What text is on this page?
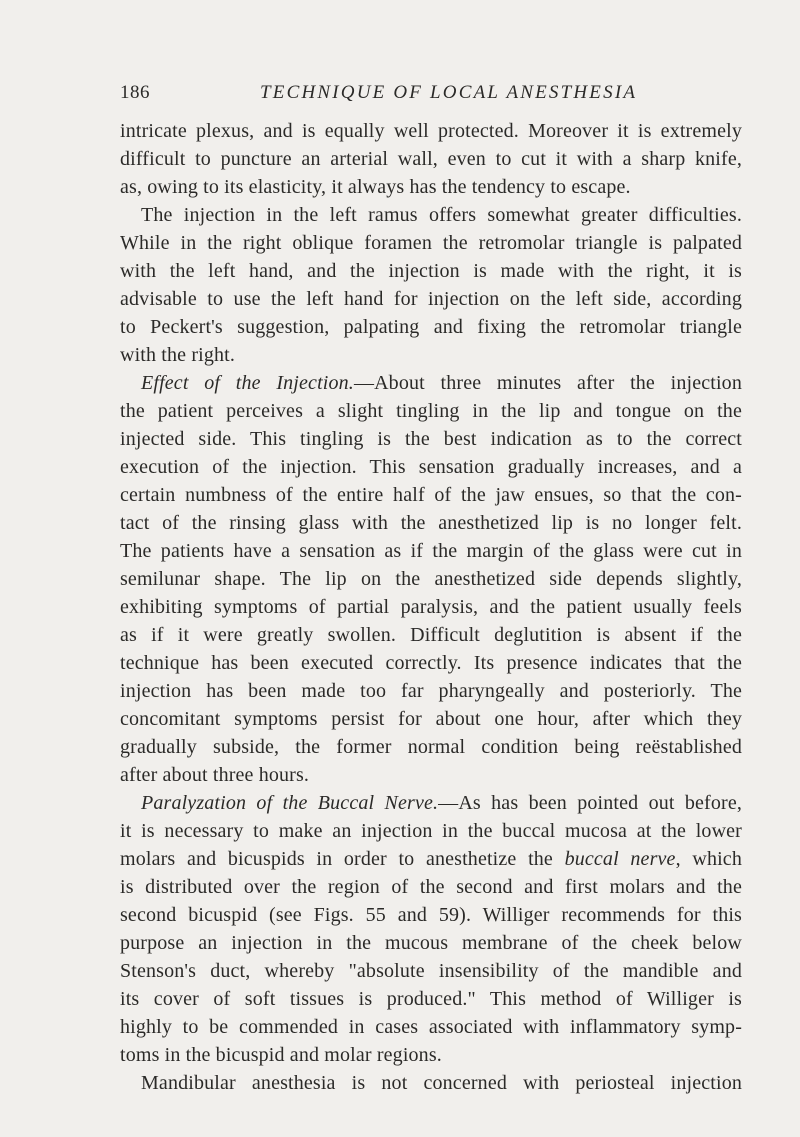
186	TECHNIQUE OF LOCAL ANESTHESIA
intricate plexus, and is equally well protected. Moreover it is extremely
difficult to puncture an arterial wall, even to cut it with a sharp knife,
as, owing to its elasticity, it always has the tendency to escape.
The injection in the left ramus offers somewhat greater difficulties.
While in the right oblique foramen the retromolar triangle is palpated
with the left hand, and the injection is made with the right, it is
advisable to use the left hand for injection on the left side, according
to Peckert's suggestion, palpating and fixing the retromolar triangle
with the right.
Effect of the Injection.—About three minutes after the injection
the patient perceives a slight tingling in the lip and tongue on the
injected side. This tingling is the best indication as to the correct
execution of the injection. This sensation gradually increases, and a
certain numbness of the entire half of the jaw ensues, so that the con-
tact of the rinsing glass with the anesthetized lip is no longer felt.
The patients have a sensation as if the margin of the glass were cut in
semilunar shape. The lip on the anesthetized side depends slightly,
exhibiting symptoms of partial paralysis, and the patient usually feels
as if it were greatly swollen. Difficult deglutition is absent if the
technique has been executed correctly. Its presence indicates that the
injection has been made too far pharyngeally and posteriorly. The
concomitant symptoms persist for about one hour, after which they
gradually subside, the former normal condition being reëstablished
after about three hours.
Paralyzation of the Buccal Nerve.—As has been pointed out before,
it is necessary to make an injection in the buccal mucosa at the lower
molars and bicuspids in order to anesthetize the buccal nerve, which
is distributed over the region of the second and first molars and the
second bicuspid (see Figs. 55 and 59). Williger recommends for this
purpose an injection in the mucous membrane of the cheek below
Stenson's duct, whereby "absolute insensibility of the mandible and
its cover of soft tissues is produced." This method of Williger is
highly to be commended in cases associated with inflammatory symp-
toms in the bicuspid and molar regions.
Mandibular anesthesia is not concerned with periosteal injection
